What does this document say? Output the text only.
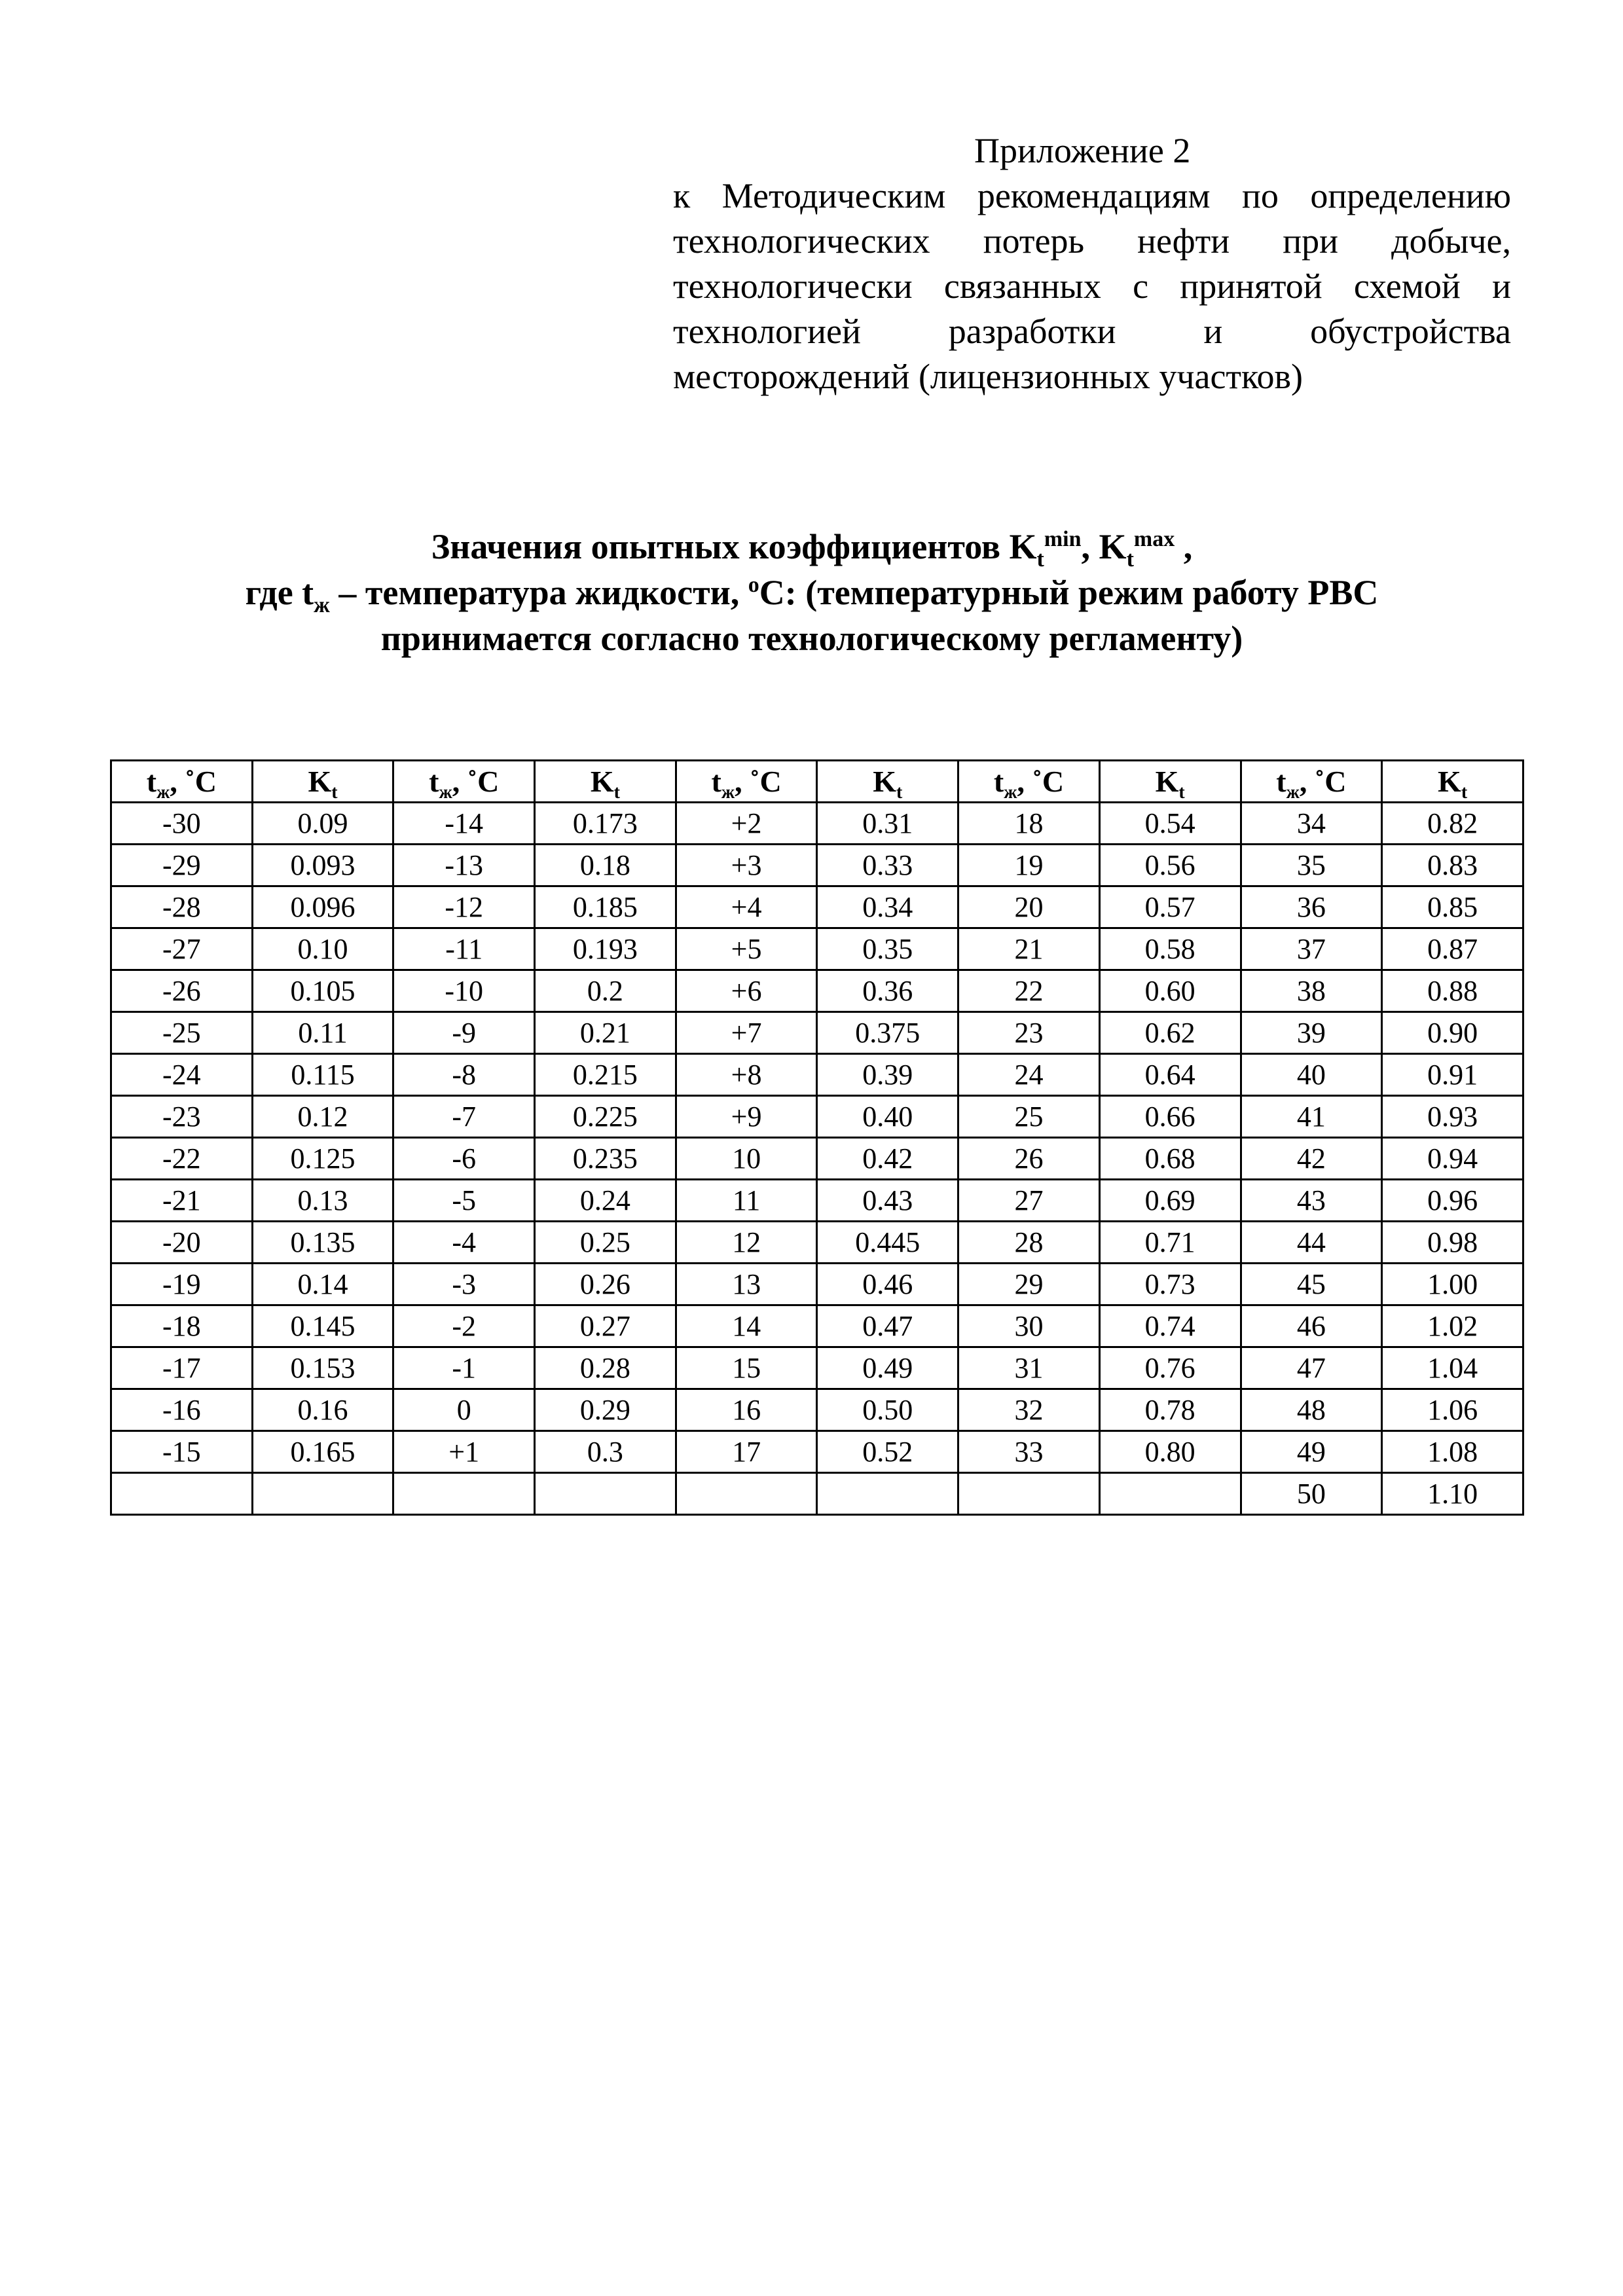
Приложение 2
к Методическим рекомендациям по определению
технологических потерь нефти при добыче,
технологически связанных с принятой схемой и
технологией разработки и обустройства
месторождений (лицензионных участков)
Значения опытных коэффициентов $K_t^{min}$, $K_t^{max}$ ,
где $t_ж$ – температура жидкости, $^o$C: (температурный режим работу РВС
принимается согласно технологическому регламенту)
$t_ж$, ˚C	$K_t$	$t_ж$, ˚C	$K_t$	$t_ж$, ˚C	$K_t$	$t_ж$, ˚C	$K_t$	$t_ж$, ˚C	$K_t$
-30	0.09	-14	0.173	+2	0.31	18	0.54	34	0.82
-29	0.093	-13	0.18	+3	0.33	19	0.56	35	0.83
-28	0.096	-12	0.185	+4	0.34	20	0.57	36	0.85
-27	0.10	-11	0.193	+5	0.35	21	0.58	37	0.87
-26	0.105	-10	0.2	+6	0.36	22	0.60	38	0.88
-25	0.11	-9	0.21	+7	0.375	23	0.62	39	0.90
-24	0.115	-8	0.215	+8	0.39	24	0.64	40	0.91
-23	0.12	-7	0.225	+9	0.40	25	0.66	41	0.93
-22	0.125	-6	0.235	10	0.42	26	0.68	42	0.94
-21	0.13	-5	0.24	11	0.43	27	0.69	43	0.96
-20	0.135	-4	0.25	12	0.445	28	0.71	44	0.98
-19	0.14	-3	0.26	13	0.46	29	0.73	45	1.00
-18	0.145	-2	0.27	14	0.47	30	0.74	46	1.02
-17	0.153	-1	0.28	15	0.49	31	0.76	47	1.04
-16	0.16	0	0.29	16	0.50	32	0.78	48	1.06
-15	0.165	+1	0.3	17	0.52	33	0.80	49	1.08
								50	1.10
